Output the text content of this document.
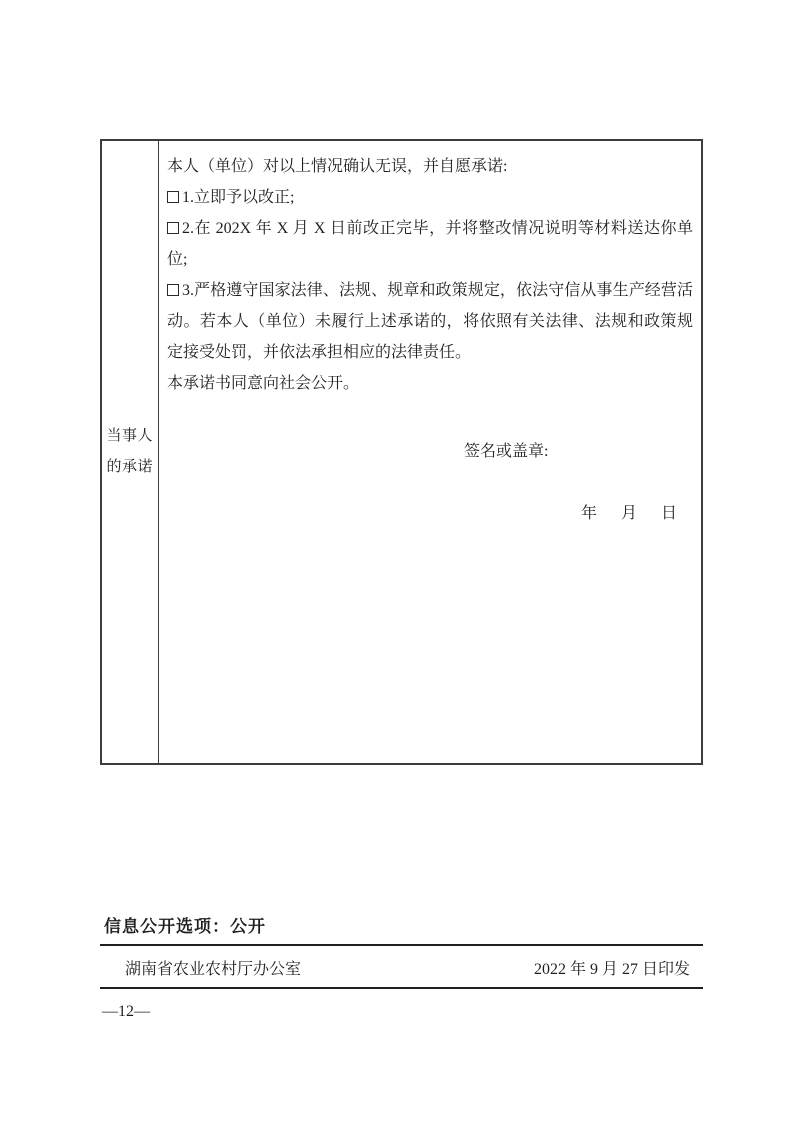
当事人的承诺

本人（单位）对以上情况确认无误，并自愿承诺:

1.立即予以改正;

2.在 202X 年 X 月 X 日前改正完毕，并将整改情况说明等材料送达你单位;

3.严格遵守国家法律、法规、规章和政策规定，依法守信从事生产经营活动。若本人（单位）未履行上述承诺的，将依照有关法律、法规和政策规定接受处罚，并依法承担相应的法律责任。

本承诺书同意向社会公开。

签名或盖章:
年　月　日
信息公开选项：公开
湖南省农业农村厅办公室	2022 年 9 月 27 日印发
—12—
